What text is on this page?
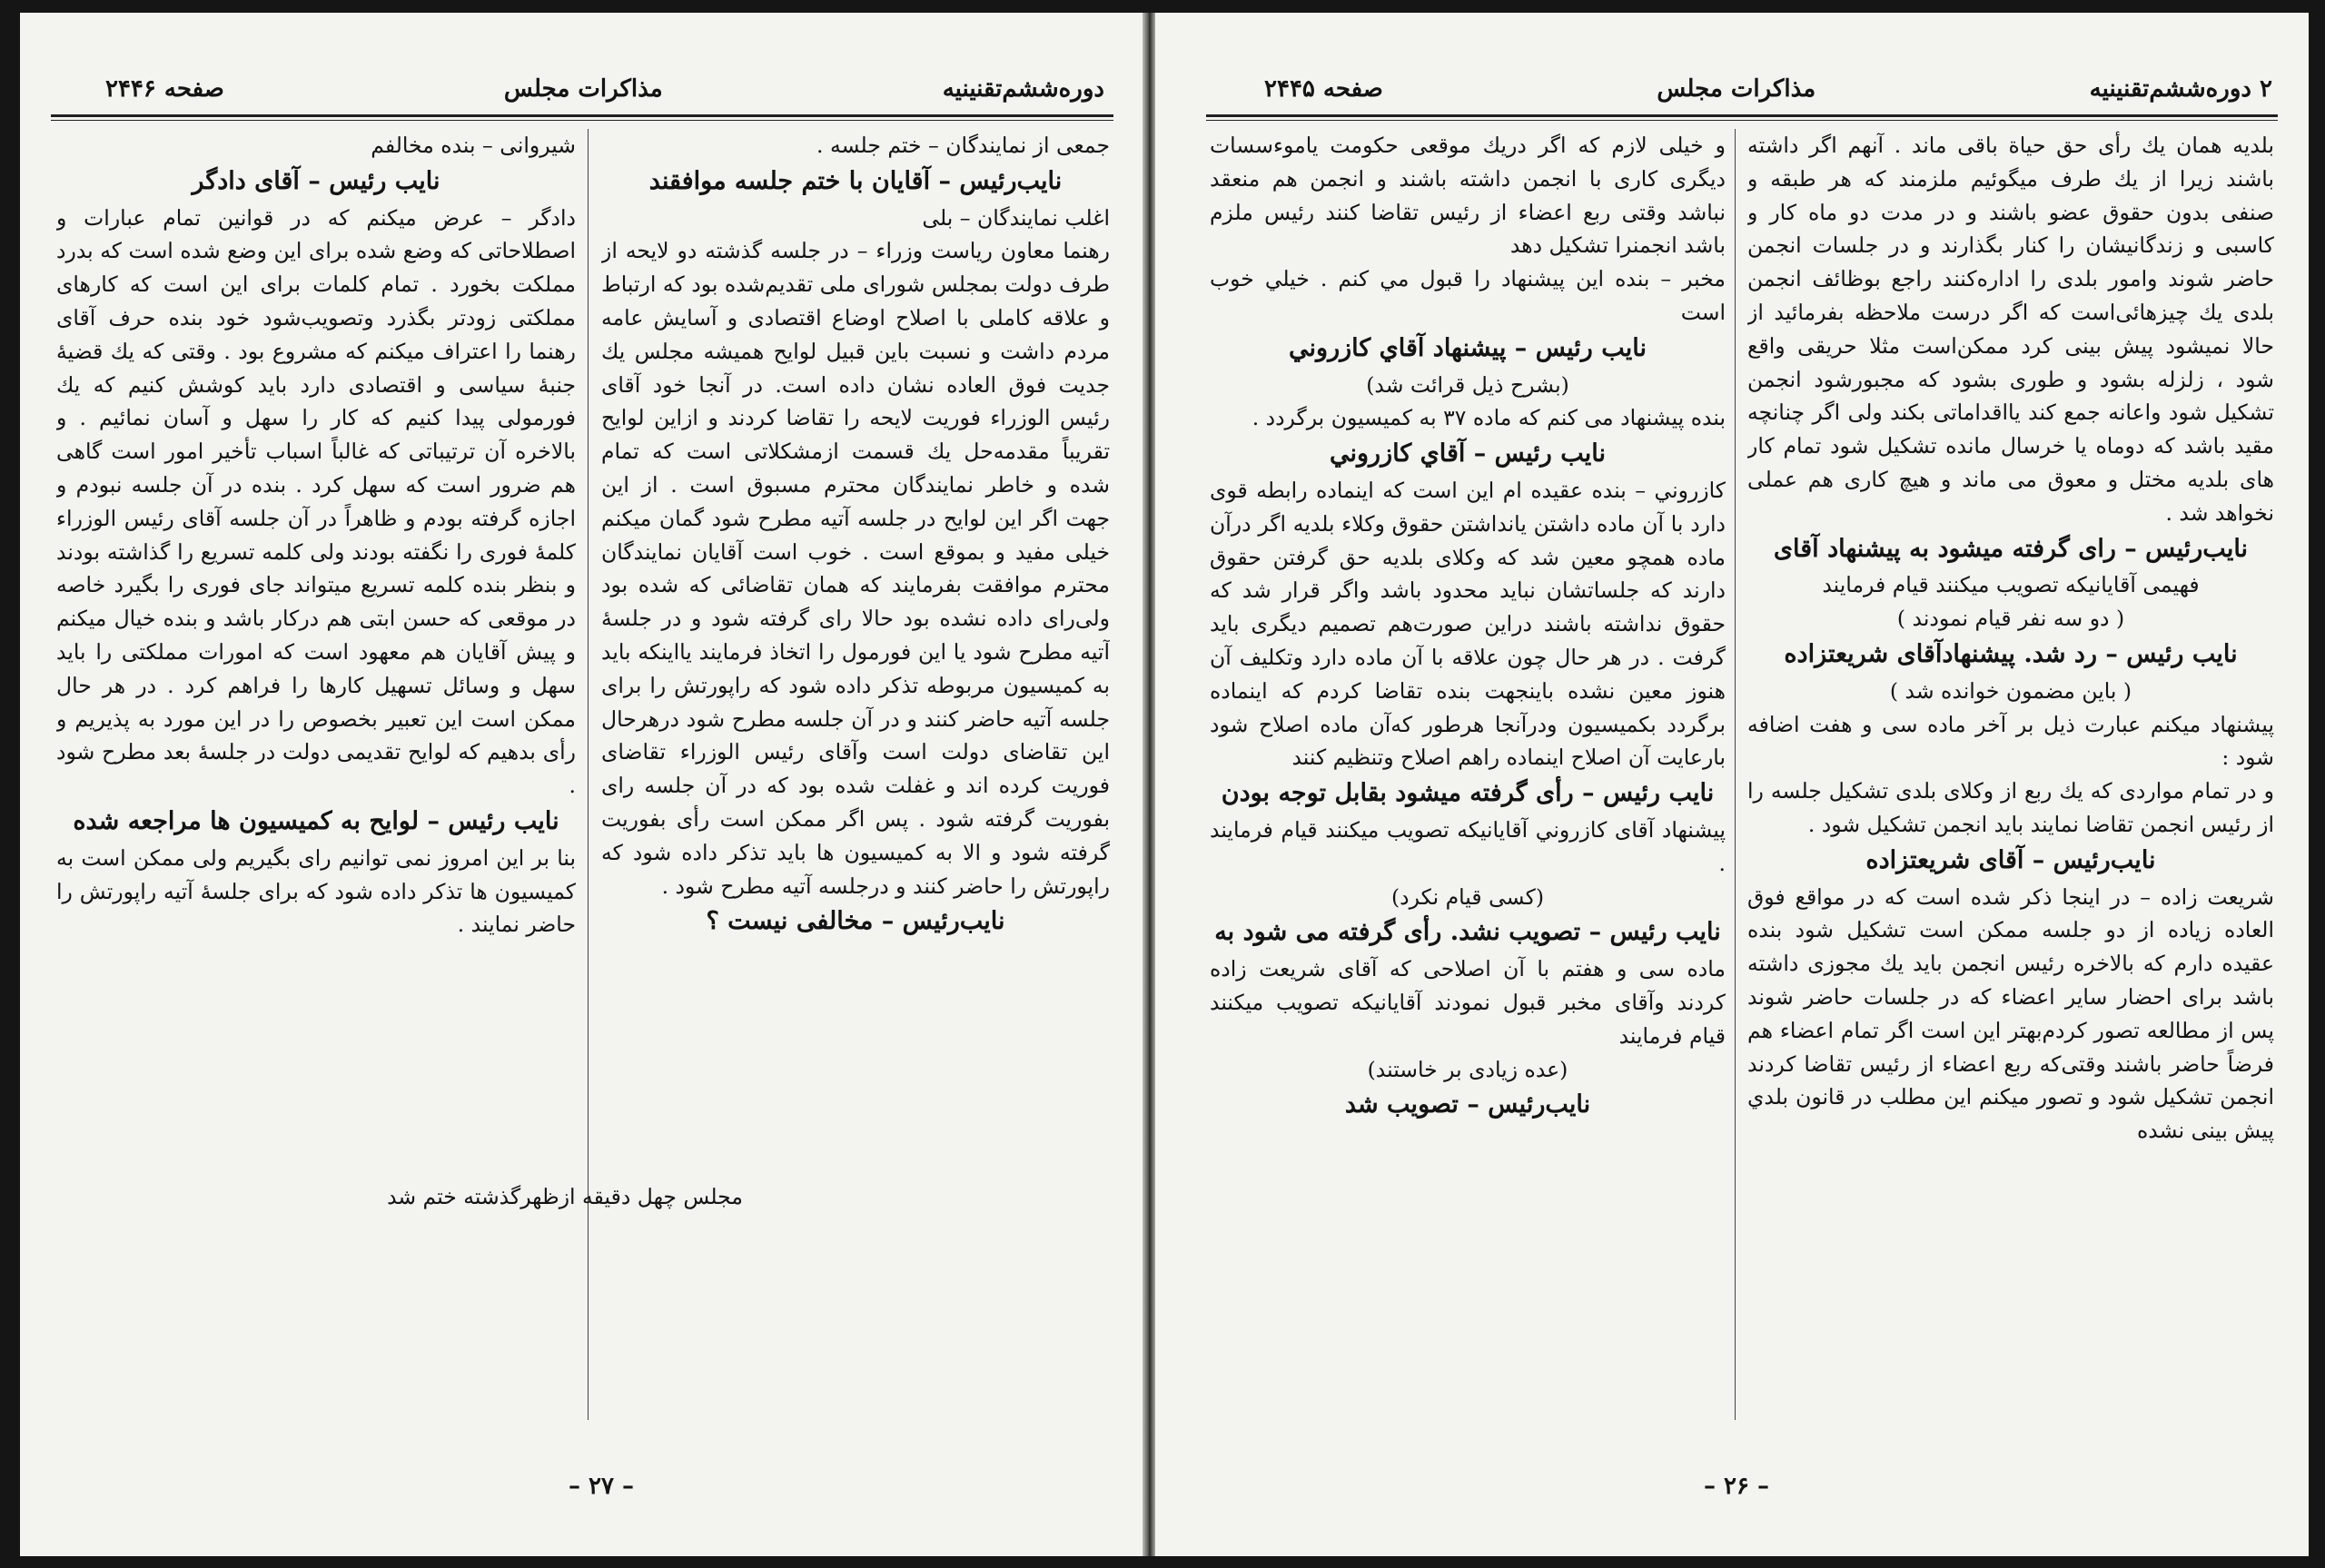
دوره‌ششم‌تقنینیه
مذاکرات مجلس
صفحه ۲۴۴۶

جمعی از نمایندگان – ختم جلسه .

نایب‌رئیس – آقایان با ختم جلسه موافقند

اغلب نمایندگان – بلی

رهنما معاون ریاست وزراء – در جلسه گذشته دو لایحه از طرف دولت بمجلس شورای ملی تقدیم‌شده بود که ارتباط و علاقه کاملی با اصلاح اوضاع اقتصادی و آسایش عامه مردم داشت و نسبت باین قبیل لوایح همیشه مجلس یك جدیت فوق العاده نشان داده است. در آنجا خود آقای رئیس الوزراء فوریت لایحه را تقاضا کردند و ازاین لوایح تقریباً مقدمه‌حل یك قسمت ازمشکلاتی است که تمام شده و خاطر نمایندگان محترم مسبوق است . از این جهت اگر این لوایح در جلسه آتیه مطرح شود گمان میکنم خیلی مفید و بموقع است . خوب است آقایان نمایندگان محترم موافقت بفرمایند که همان تقاضائی که شده بود ولی‌رای داده نشده بود حالا رای گرفته شود و در جلسهٔ آتیه مطرح شود یا این فورمول را اتخاذ فرمایند یااینکه باید به کمیسیون مربوطه تذکر داده شود که راپورتش را برای جلسه آتیه حاضر کنند و در آن جلسه مطرح شود درهرحال این تقاضای دولت است وآقای رئیس الوزراء تقاضای فوریت کرده اند و غفلت شده بود که در آن جلسه رای بفوریت گرفته شود . پس اگر ممکن است رأی بفوریت گرفته شود و الا به کمیسیون ها باید تذکر داده شود که راپورتش را حاضر کنند و درجلسه آتیه مطرح شود .

نایب‌رئیس – مخالفی نیست ؟

شیروانی – بنده مخالفم

نایب رئیس – آقای دادگر

دادگر – عرض میکنم که در قوانین تمام عبارات و اصطلاحاتی که وضع شده برای این وضع شده است که بدرد مملکت بخورد . تمام کلمات برای این است که کارهای مملکتی زودتر بگذرد وتصویب‌شود خود بنده حرف آقای رهنما را اعتراف میکنم که مشروع بود . وقتی که یك قضیهٔ جنبهٔ سیاسی و اقتصادی دارد باید کوشش کنیم که یك فورمولی پیدا کنیم که کار را سهل و آسان نمائیم . و بالاخره آن ترتیباتی که غالباً اسباب تأخیر امور است گاهی هم ضرور است که سهل کرد . بنده در آن جلسه نبودم و اجازه گرفته بودم و ظاهراً در آن جلسه آقای رئیس الوزراء کلمهٔ فوری را نگفته بودند ولی کلمه تسریع را گذاشته بودند و بنظر بنده کلمه تسریع میتواند جای فوری را بگیرد خاصه در موقعی که حسن ابتی هم درکار باشد و بنده خیال میکنم و پیش آقایان هم معهود است که امورات مملکتی را باید سهل و وسائل تسهیل کارها را فراهم کرد . در هر حال ممکن است این تعبیر بخصوص را در این مورد به پذیریم و رأی بدهیم که لوایح تقدیمی دولت در جلسهٔ بعد مطرح شود .

نایب رئیس – لوایح به کمیسیون ها مراجعه شده

بنا بر این امروز نمی توانیم رای بگیریم ولی ممکن است به کمیسیون ها تذکر داده شود که برای جلسهٔ آتیه راپورتش را حاضر نمایند .

مجلس چهل دقیقه ازظهرگذشته ختم شد
– ۲۷ –
۲ دوره‌ششم‌تقنینیه
مذاکرات مجلس
صفحه ۲۴۴۵

بلدیه همان یك رأی حق حیاة باقی ماند . آنهم اگر داشته باشند زیرا از یك طرف میگوئیم ملزمند که هر طبقه و صنفی بدون حقوق عضو باشند و در مدت دو ماه کار و کاسبی و زندگانیشان را کنار بگذارند و در جلسات انجمن حاضر شوند وامور بلدی را اداره‌کنند راجع بوظائف انجمن بلدی یك چیزهائی‌است که اگر درست ملاحظه بفرمائید از حالا نمیشود پیش بینی کرد ممکن‌است مثلا حریقی واقع شود ، زلزله بشود و طوری بشود که مجبورشود انجمن تشکیل شود واعانه جمع کند یااقداماتی بکند ولی اگر چنانچه مقید باشد که دوماه یا خرسال مانده تشکیل شود تمام کار های بلدیه مختل و معوق می ماند و هیچ کاری هم عملی نخواهد شد .

نایب‌رئیس – رای گرفته میشود به پیشنهاد آقای

فهیمی آقایانیکه تصویب میکنند قیام فرمایند

( دو سه نفر قیام نمودند )

نایب رئیس – رد شد. پیشنهادآقای شریعتزاده

( باین مضمون خوانده شد )

پیشنهاد میکنم عبارت ذیل بر آخر ماده سی و هفت اضافه شود :

و در تمام مواردی که یك ربع از وکلای بلدی تشکیل جلسه را از رئیس انجمن تقاضا نمایند باید انجمن تشکیل شود .

نایب‌رئیس – آقای شریعتزاده

شریعت زاده – در اینجا ذکر شده است که در مواقع فوق العاده زیاده از دو جلسه ممکن است تشکیل شود بنده عقیده دارم که بالاخره رئیس انجمن باید یك مجوزی داشته باشد برای احضار سایر اعضاء که در جلسات حاضر شوند پس از مطالعه تصور کردم‌بهتر این است اگر تمام اعضاء هم فرضاً حاضر باشند وقتی‌که ربع اعضاء از رئیس تقاضا کردند انجمن تشکیل شود و تصور میکنم این مطلب در قانون بلدي پیش بینی نشده

و خیلی لازم که اگر دریك موقعی حکومت یاموءسسات دیگری کاری با انجمن داشته باشند و انجمن هم منعقد نباشد وقتی ربع اعضاء از رئیس تقاضا کنند رئیس ملزم باشد انجمنرا تشکیل دهد

مخبر – بنده این پیشنهاد را قبول مي کنم . خیلي خوب است

نایب رئیس – پیشنهاد آقاي کازروني

(بشرح ذیل قرائت شد)

بنده پیشنهاد می کنم که ماده ۳۷ به کمیسیون برگردد .

نایب رئیس – آقاي کازروني

کازروني – بنده عقیده ام این است که اینماده رابطه قوی دارد با آن ماده داشتن یانداشتن حقوق وکلاء بلدیه اگر درآن ماده همچو معین شد که وکلای بلدیه حق گرفتن حقوق دارند که جلساتشان نباید محدود باشد واگر قرار شد که حقوق نداشته باشند دراین صورت‌هم تصمیم دیگری باید گرفت . در هر حال چون علاقه با آن ماده دارد وتکلیف آن هنوز معین نشده باینجهت بنده تقاضا کردم که اینماده برگردد بکمیسیون ودرآنجا هرطور که‌آن ماده اصلاح شود بارعایت آن اصلاح اینماده راهم اصلاح وتنظیم کنند

نایب رئیس – رأی گرفته میشود بقابل توجه بودن

پیشنهاد آقای کازروني آقایانیکه تصویب میکنند قیام فرمایند .

(کسی قیام نکرد)

نایب رئیس – تصویب نشد. رأی گرفته می شود به

ماده سی و هفتم با آن اصلاحی که آقای شریعت زاده کردند وآقای مخبر قبول نمودند آقایانیکه تصویب میکنند قیام فرمایند

(عده زیادی بر خاستند)

نایب‌رئیس – تصویب شد

– ۲۶ –
